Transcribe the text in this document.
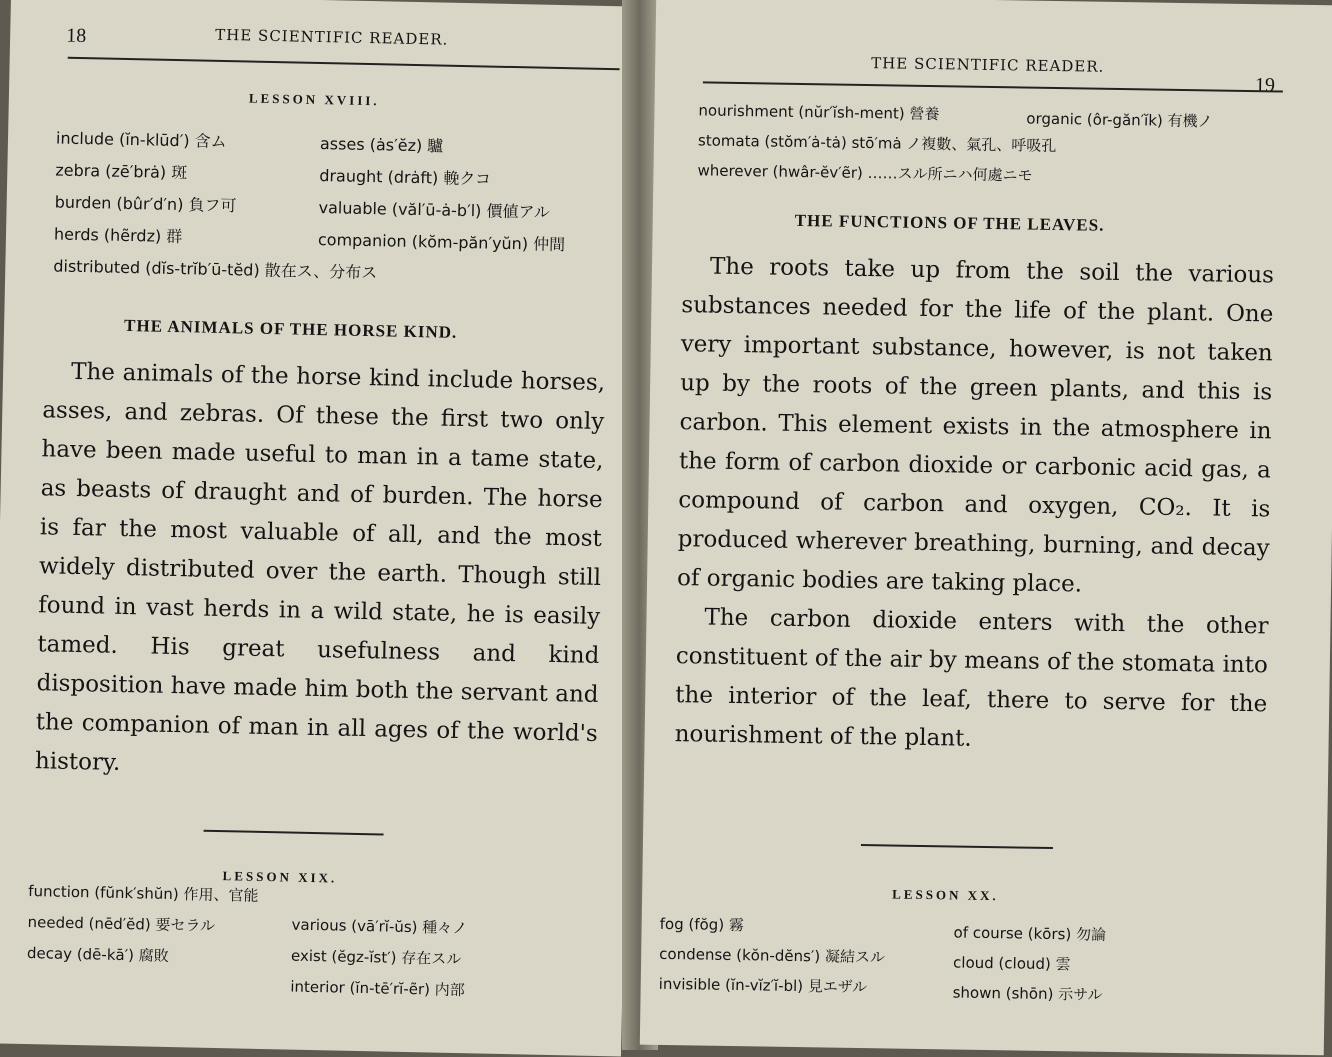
18	THE SCIENTIFIC READER.
LESSON XVIII.
include (ĭn-klūd′) 含ム
zebra (zē′brȧ) 斑
burden (bûr′d′n) 負フ可
herds (hẽrdz) 群
distributed (dĭs-trĭb′ū-tĕd) 散在ス、分布ス
asses (ȧs′ĕz) 驢
draught (drȧft) 輓クコ
valuable (văl′ū-ȧ-b′l) 價値アル
companion (kŏm-păn′yŭn) 仲間
THE ANIMALS OF THE HORSE KIND.

The animals of the horse kind include horses, asses, and zebras. Of these the first two only have been made useful to man in a tame state, as beasts of draught and of burden. The horse is far the most valuable of all, and the most widely distributed over the earth. Though still found in vast herds in a wild state, he is easily tamed. His great usefulness and kind disposition have made him both the servant and the companion of man in all ages of the world's history.

LESSON XIX.
function (fŭnk′shŭn) 作用、官能
needed (nēd′ĕd) 要セラル
decay (dē-kā′) 腐敗
various (vā′rĭ-ŭs) 種々ノ
exist (ĕgz-ĭst′) 存在スル
interior (ĭn-tē′rĭ-ẽr) 内部
THE SCIENTIFIC READER.
19
nourishment (nŭr′ĭsh-ment) 營養
stomata (stŏm′ȧ-tȧ) stō′mȧ ノ複數、氣孔、呼吸孔
wherever (hwâr-ĕv′ẽr) ……スル所ニハ何處ニモ
organic (ôr-găn′ĭk) 有機ノ
THE FUNCTIONS OF THE LEAVES.

The roots take up from the soil the various substances needed for the life of the plant. One very important substance, however, is not taken up by the roots of the green plants, and this is carbon. This element exists in the atmosphere in the form of carbon dioxide or carbonic acid gas, a compound of carbon and oxygen, CO₂. It is produced wherever breathing, burning, and decay of organic bodies are taking place.

The carbon dioxide enters with the other constituent of the air by means of the stomata into the interior of the leaf, there to serve for the nourishment of the plant.

LESSON XX.
fog (fŏg) 霧
condense (kŏn-dĕns′) 凝結スル
invisible (ĭn-vĭz′ĭ-bl) 見エザル
of course (kōrs) 勿論
cloud (cloud) 雲
shown (shōn) 示サル
